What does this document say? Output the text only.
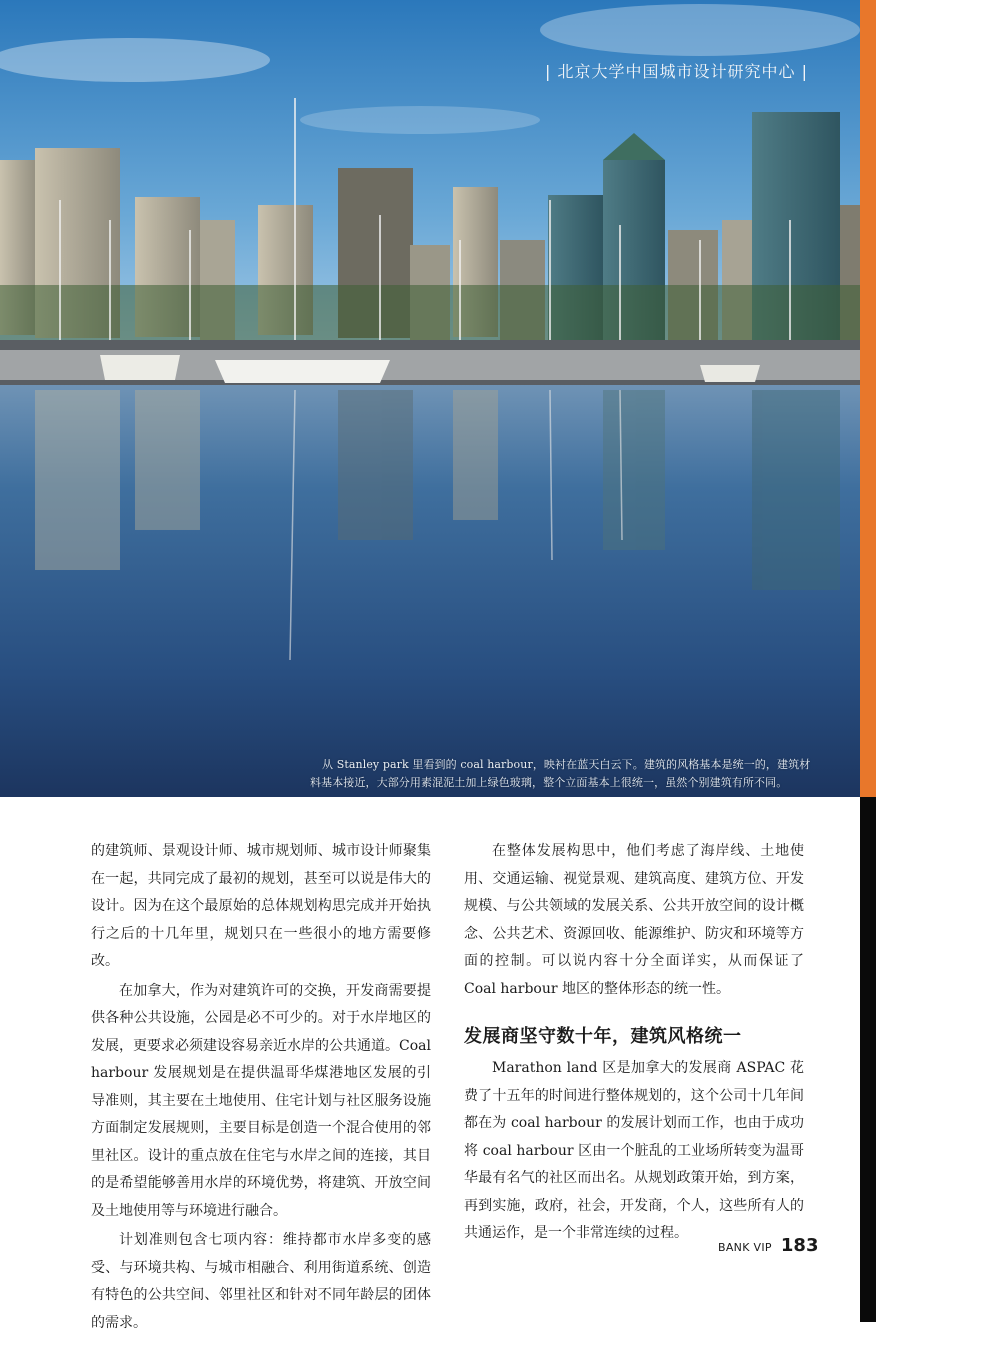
| 北京大学中国城市设计研究中心 |

从 Stanley park 里看到的 coal harbour，映衬在蓝天白云下。建筑的风格基本是统一的，建筑材

料基本接近，大部分用素混泥土加上绿色玻璃，整个立面基本上很统一，虽然个别建筑有所不同。

的建筑师、景观设计师、城市规划师、城市设计师聚集在一起，共同完成了最初的规划，甚至可以说是伟大的设计。因为在这个最原始的总体规划构思完成并开始执行之后的十几年里，规划只在一些很小的地方需要修改。

在加拿大，作为对建筑许可的交换，开发商需要提供各种公共设施，公园是必不可少的。对于水岸地区的发展，更要求必须建设容易亲近水岸的公共通道。Coal harbour 发展规划是在提供温哥华煤港地区发展的引导准则，其主要在土地使用、住宅计划与社区服务设施方面制定发展规则，主要目标是创造一个混合使用的邻里社区。设计的重点放在住宅与水岸之间的连接，其目的是希望能够善用水岸的环境优势，将建筑、开放空间及土地使用等与环境进行融合。

计划准则包含七项内容：维持都市水岸多变的感受、与环境共构、与城市相融合、利用街道系统、创造有特色的公共空间、邻里社区和针对不同年龄层的团体的需求。

在整体发展构思中，他们考虑了海岸线、土地使用、交通运输、视觉景观、建筑高度、建筑方位、开发规模、与公共领域的发展关系、公共开放空间的设计概念、公共艺术、资源回收、能源维护、防灾和环境等方面的控制。可以说内容十分全面详实，从而保证了 Coal harbour 地区的整体形态的统一性。

发展商坚守数十年，建筑风格统一

Marathon land 区是加拿大的发展商 ASPAC 花费了十五年的时间进行整体规划的，这个公司十几年间都在为 coal harbour 的发展计划而工作，也由于成功将 coal harbour 区由一个脏乱的工业场所转变为温哥华最有名气的社区而出名。从规划政策开始，到方案，再到实施，政府，社会，开发商，个人，这些所有人的共通运作，是一个非常连续的过程。

BANK VIP 183
